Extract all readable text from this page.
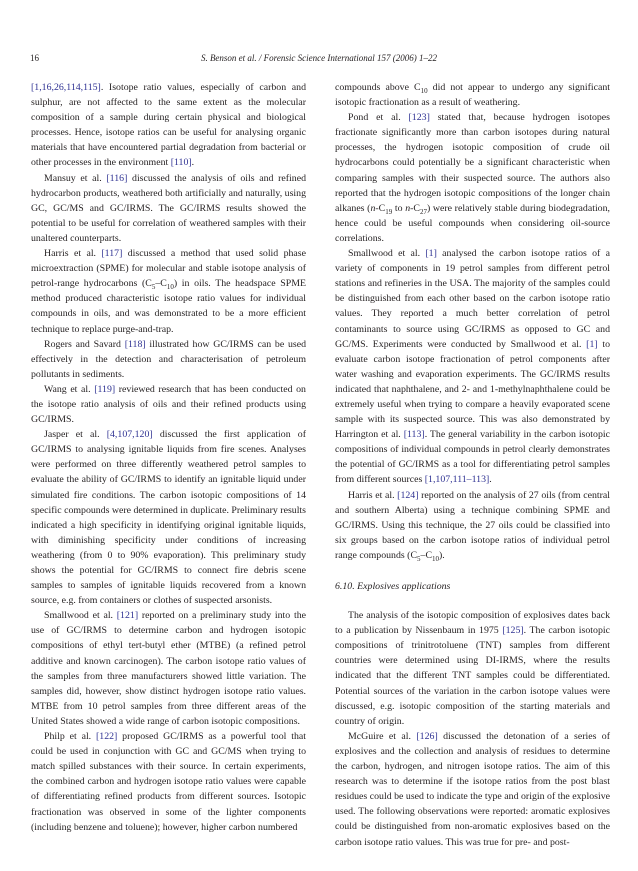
16	S. Benson et al. / Forensic Science International 157 (2006) 1–22

[1,16,26,114,115]. Isotope ratio values, especially of carbon and sulphur, are not affected to the same extent as the molecular composition of a sample during certain physical and biological processes. Hence, isotope ratios can be useful for analysing organic materials that have encountered partial degradation from bacterial or other processes in the environment [110].

Mansuy et al. [116] discussed the analysis of oils and refined hydrocarbon products, weathered both artificially and naturally, using GC, GC/MS and GC/IRMS. The GC/IRMS results showed the potential to be useful for correlation of weathered samples with their unaltered counterparts.

Harris et al. [117] discussed a method that used solid phase microextraction (SPME) for molecular and stable isotope analysis of petrol-range hydrocarbons $(C_5-C_{10})$ in oils. The headspace SPME method produced characteristic isotope ratio values for individual compounds in oils, and was demonstrated to be a more efficient technique to replace purge-and-trap.

Rogers and Savard [118] illustrated how GC/IRMS can be used effectively in the detection and characterisation of petroleum pollutants in sediments.

Wang et al. [119] reviewed research that has been conducted on the isotope ratio analysis of oils and their refined products using GC/IRMS.

Jasper et al. [4,107,120] discussed the first application of GC/IRMS to analysing ignitable liquids from fire scenes. Analyses were performed on three differently weathered petrol samples to evaluate the ability of GC/IRMS to identify an ignitable liquid under simulated fire conditions. The carbon isotopic compositions of 14 specific compounds were determined in duplicate. Preliminary results indicated a high specificity in identifying original ignitable liquids, with diminishing specificity under conditions of increasing weathering (from 0 to 90% evaporation). This preliminary study shows the potential for GC/IRMS to connect fire debris scene samples to samples of ignitable liquids recovered from a known source, e.g. from containers or clothes of suspected arsonists.

Smallwood et al. [121] reported on a preliminary study into the use of GC/IRMS to determine carbon and hydrogen isotopic compositions of ethyl tert-butyl ether (MTBE) (a refined petrol additive and known carcinogen). The carbon isotope ratio values of the samples from three manufacturers showed little variation. The samples did, however, show distinct hydrogen isotope ratio values. MTBE from 10 petrol samples from three different areas of the United States showed a wide range of carbon isotopic compositions.

Philp et al. [122] proposed GC/IRMS as a powerful tool that could be used in conjunction with GC and GC/MS when trying to match spilled substances with their source. In certain experiments, the combined carbon and hydrogen isotope ratio values were capable of differentiating refined products from different sources. Isotopic fractionation was observed in some of the lighter components (including benzene and toluene); however, higher carbon numbered

compounds above $C_{10}$ did not appear to undergo any significant isotopic fractionation as a result of weathering.

Pond et al. [123] stated that, because hydrogen isotopes fractionate significantly more than carbon isotopes during natural processes, the hydrogen isotopic composition of crude oil hydrocarbons could potentially be a significant characteristic when comparing samples with their suspected source. The authors also reported that the hydrogen isotopic compositions of the longer chain alkanes ($n-C_{19}$ to $n-C_{27}$) were relatively stable during biodegradation, hence could be useful compounds when considering oil-source correlations.

Smallwood et al. [1] analysed the carbon isotope ratios of a variety of components in 19 petrol samples from different petrol stations and refineries in the USA. The majority of the samples could be distinguished from each other based on the carbon isotope ratio values. They reported a much better correlation of petrol contaminants to source using GC/IRMS as opposed to GC and GC/MS. Experiments were conducted by Smallwood et al. [1] to evaluate carbon isotope fractionation of petrol components after water washing and evaporation experiments. The GC/IRMS results indicated that naphthalene, and 2- and 1-methylnaphthalene could be extremely useful when trying to compare a heavily evaporated scene sample with its suspected source. This was also demonstrated by Harrington et al. [113]. The general variability in the carbon isotopic compositions of individual compounds in petrol clearly demonstrates the potential of GC/IRMS as a tool for differentiating petrol samples from different sources [1,107,111–113].

Harris et al. [124] reported on the analysis of 27 oils (from central and southern Alberta) using a technique combining SPME and GC/IRMS. Using this technique, the 27 oils could be classified into six groups based on the carbon isotope ratios of individual petrol range compounds $(C_5-C_{10})$.

6.10. Explosives applications

The analysis of the isotopic composition of explosives dates back to a publication by Nissenbaum in 1975 [125]. The carbon isotopic compositions of trinitrotoluene (TNT) samples from different countries were determined using DI-IRMS, where the results indicated that the different TNT samples could be differentiated. Potential sources of the variation in the carbon isotope values were discussed, e.g. isotopic composition of the starting materials and country of origin.

McGuire et al. [126] discussed the detonation of a series of explosives and the collection and analysis of residues to determine the carbon, hydrogen, and nitrogen isotope ratios. The aim of this research was to determine if the isotope ratios from the post blast residues could be used to indicate the type and origin of the explosive used. The following observations were reported: aromatic explosives could be distinguished from non-aromatic explosives based on the carbon isotope ratio values. This was true for pre- and post-
